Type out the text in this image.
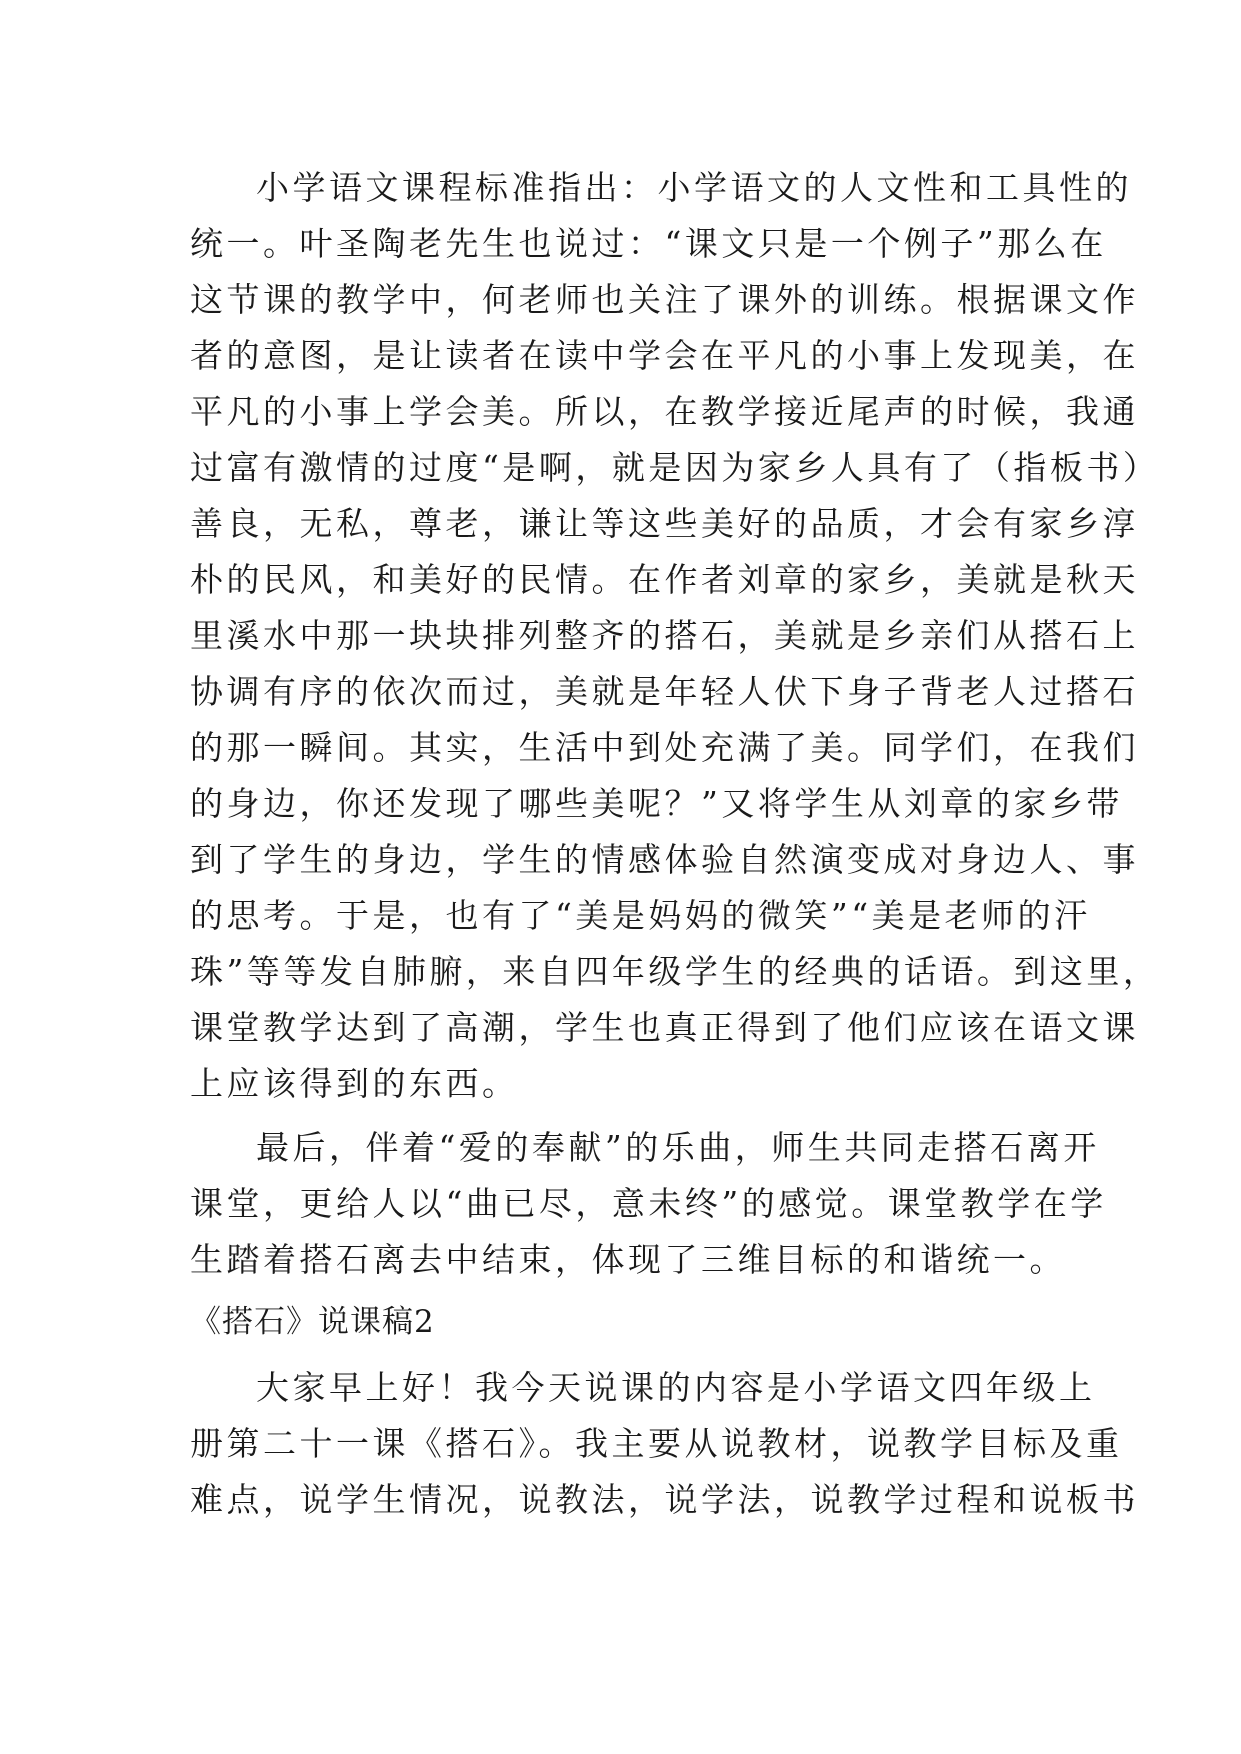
小学语文课程标准指出：小学语文的人文性和工具性的
统一。叶圣陶老先生也说过：“课文只是一个例子”那么在
这节课的教学中，何老师也关注了课外的训练。根据课文作
者的意图，是让读者在读中学会在平凡的小事上发现美，在
平凡的小事上学会美。所以，在教学接近尾声的时候，我通
过富有激情的过度“是啊，就是因为家乡人具有了（指板书）
善良，无私，尊老，谦让等这些美好的品质，才会有家乡淳
朴的民风，和美好的民情。在作者刘章的家乡，美就是秋天
里溪水中那一块块排列整齐的搭石，美就是乡亲们从搭石上
协调有序的依次而过，美就是年轻人伏下身子背老人过搭石
的那一瞬间。其实，生活中到处充满了美。同学们，在我们
的身边，你还发现了哪些美呢？”又将学生从刘章的家乡带
到了学生的身边，学生的情感体验自然演变成对身边人、事
的思考。于是，也有了“美是妈妈的微笑”“美是老师的汗
珠”等等发自肺腑，来自四年级学生的经典的话语。到这里，
课堂教学达到了高潮，学生也真正得到了他们应该在语文课
上应该得到的东西。
最后，伴着“爱的奉献”的乐曲，师生共同走搭石离开
课堂，更给人以“曲已尽，意未终”的感觉。课堂教学在学
生踏着搭石离去中结束，体现了三维目标的和谐统一。
《搭石》说课稿2
大家早上好！我今天说课的内容是小学语文四年级上
册第二十一课《搭石》。我主要从说教材，说教学目标及重
难点，说学生情况，说教法，说学法，说教学过程和说板书
